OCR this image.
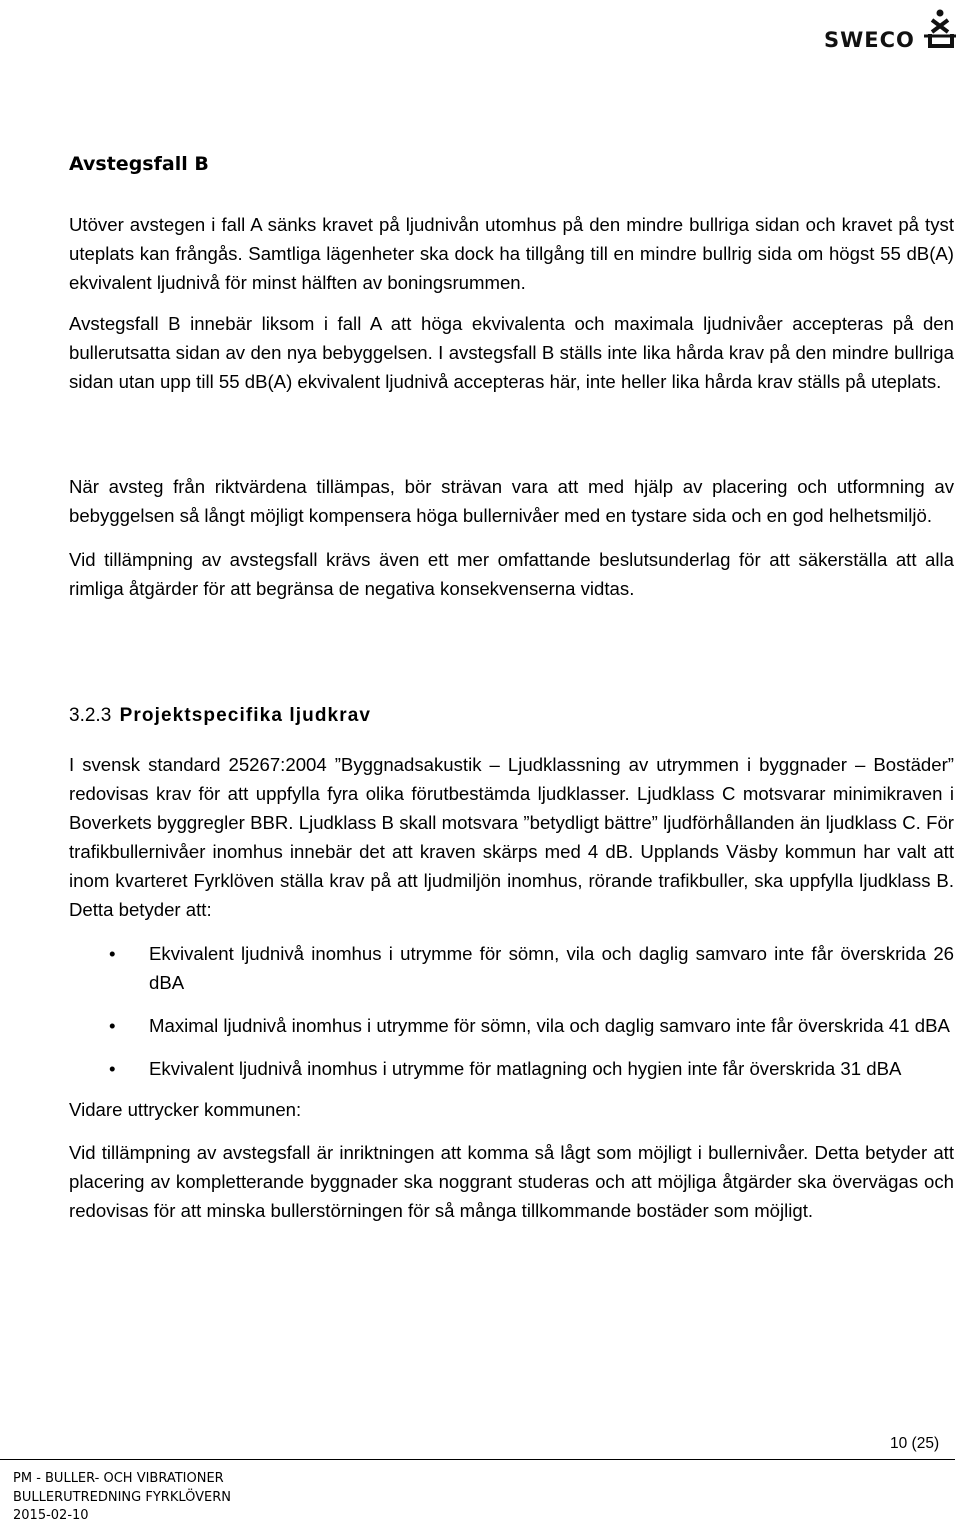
SWECO
Avstegsfall B

Utöver avstegen i fall A sänks kravet på ljudnivån utomhus på den mindre bullriga sidan och kravet på tyst uteplats kan frångås. Samtliga lägenheter ska dock ha tillgång till en mindre bullrig sida om högst 55 dB(A) ekvivalent ljudnivå för minst hälften av boningsrummen.

Avstegsfall B innebär liksom i fall A att höga ekvivalenta och maximala ljudnivåer accepteras på den bullerutsatta sidan av den nya bebyggelsen. I avstegsfall B ställs inte lika hårda krav på den mindre bullriga sidan utan upp till 55 dB(A) ekvivalent ljudnivå accepteras här, inte heller lika hårda krav ställs på uteplats.

När avsteg från riktvärdena tillämpas, bör strävan vara att med hjälp av placering och utformning av bebyggelsen så långt möjligt kompensera höga bullernivåer med en tystare sida och en god helhetsmiljö.

Vid tillämpning av avstegsfall krävs även ett mer omfattande beslutsunderlag för att säkerställa att alla rimliga åtgärder för att begränsa de negativa konsekvenserna vidtas.

3.2.3 Projektspecifika ljudkrav

I svensk standard 25267:2004 ”Byggnadsakustik – Ljudklassning av utrymmen i byggnader – Bostäder” redovisas krav för att uppfylla fyra olika förutbestämda ljudklasser. Ljudklass C motsvarar minimikraven i Boverkets byggregler BBR. Ljudklass B skall motsvara ”betydligt bättre” ljudförhållanden än ljudklass C. För trafikbullernivåer inomhus innebär det att kraven skärps med 4 dB. Upplands Väsby kommun har valt att inom kvarteret Fyrklöven ställa krav på att ljudmiljön inomhus, rörande trafikbuller, ska uppfylla ljudklass B. Detta betyder att:

• Ekvivalent ljudnivå inomhus i utrymme för sömn, vila och daglig samvaro inte får överskrida 26 dBA
• Maximal ljudnivå inomhus i utrymme för sömn, vila och daglig samvaro inte får överskrida 41 dBA
• Ekvivalent ljudnivå inomhus i utrymme för matlagning och hygien inte får överskrida 31 dBA

Vidare uttrycker kommunen:

Vid tillämpning av avstegsfall är inriktningen att komma så lågt som möjligt i bullernivåer. Detta betyder att placering av kompletterande byggnader ska noggrant studeras och att möjliga åtgärder ska övervägas och redovisas för att minska bullerstörningen för så många tillkommande bostäder som möjligt.

10 (25)
PM - BULLER- OCH VIBRATIONER
BULLERUTREDNING FYRKLÖVERN
2015-02-10
